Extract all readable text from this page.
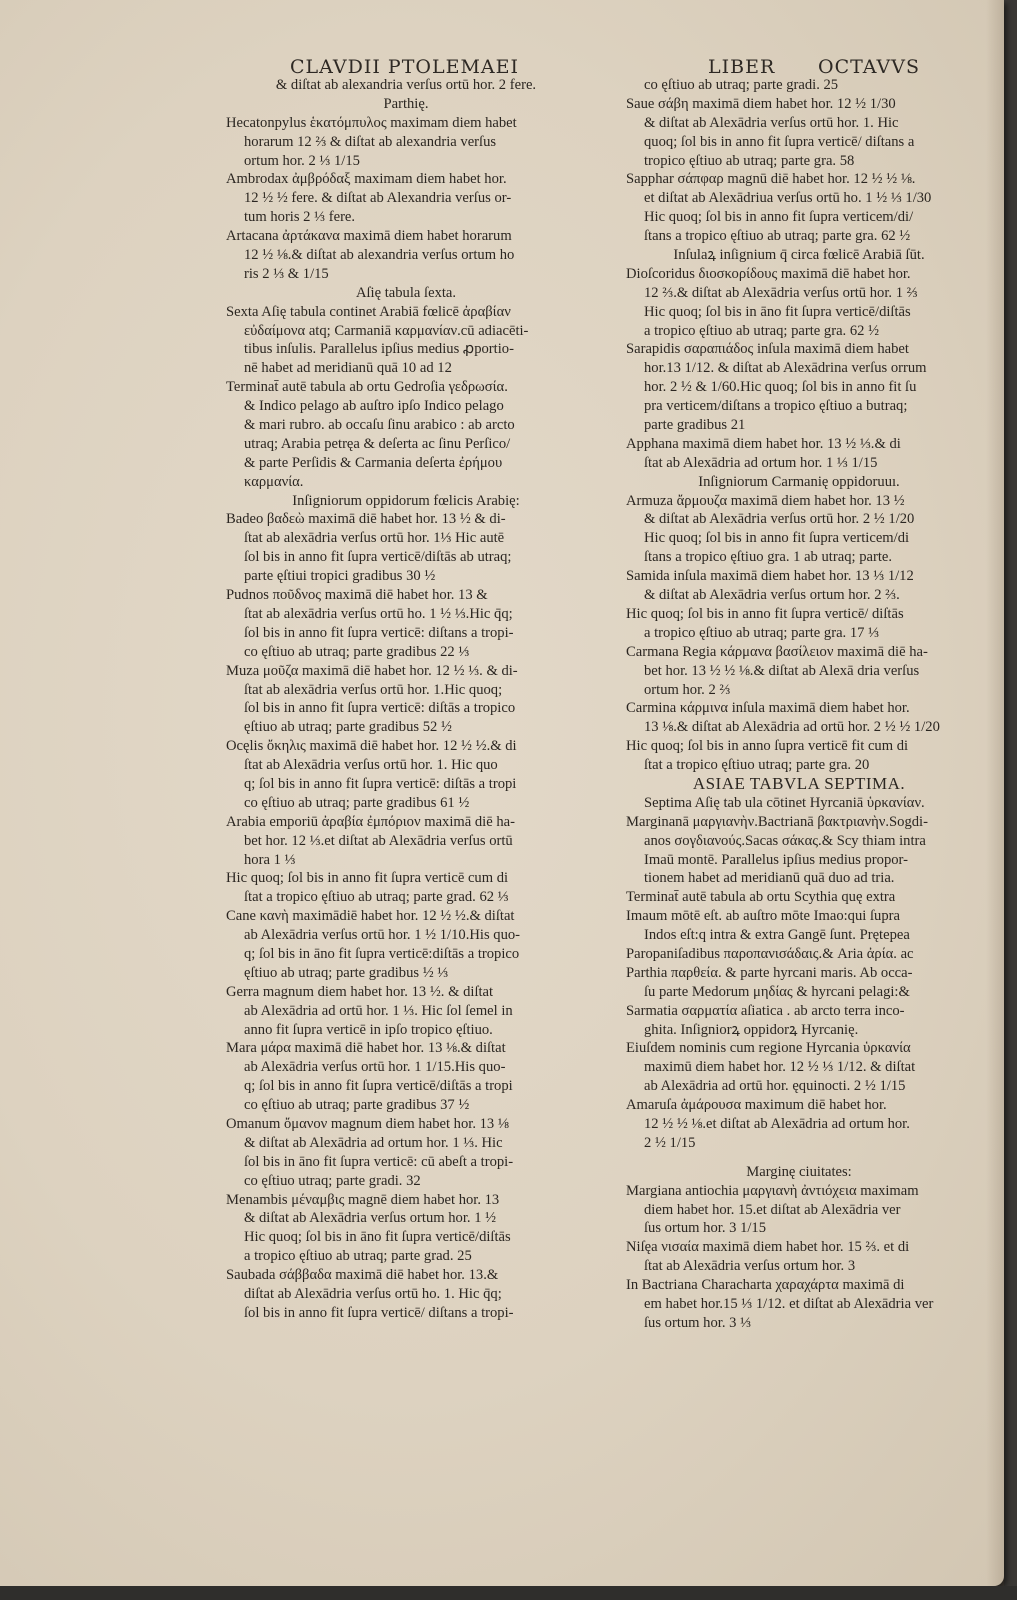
CLAVDII PTOLEMAEI	LIBER OCTAVVS
& diſtat ab alexandria verſus ortū hor. 2 fere.
Parthię.
Hecatonpylus ἑκατόμπυλος maximam diem habet
horarum 12 ⅔ & diſtat ab alexandria verſus
ortum hor. 2 ⅓ 1/15
Ambrodax ἀμβρόδαξ maximam diem habet hor.
12 ½ ½ fere. & diſtat ab Alexandria verſus or-
tum horis 2 ⅓ fere.
Artacana ἀρτάκανα maximā diem habet horarum
12 ½ ⅛.& diſtat ab alexandria verſus ortum ho
ris 2 ⅓ & 1/15
Aſię tabula ſexta.
Sexta Aſię tabula continet Arabiā fœlicē ἀραβίαν
εὐδαίμονα atq; Carmaniā καρμανίαν.cū adiacēti-
tibus inſulis. Parallelus ipſius medius ꝓportio-
nē habet ad meridianū quā 10 ad 12
Terminat̄ autē tabula ab ortu Gedroſia γεδρωσία.
& Indico pelago ab auſtro ipſo Indico pelago
& mari rubro. ab occaſu ſinu arabico : ab arcto
utraq; Arabia petręa & deſerta ac ſinu Perſico/
& parte Perſidis & Carmania deſerta ἐρήμου
καρμανία.
Inſigniorum oppidorum fœlicis Arabię:
Badeo βαδεὼ maximā diē habet hor. 13 ½ & di-
ſtat ab alexādria verſus ortū hor. 1⅓ Hic autē
ſol bis in anno fit ſupra verticē/diſtās ab utraq;
parte ęſtiui tropici gradibus 30 ½
Pudnos ποῦδνος maximā diē habet hor. 13 &
ſtat ab alexādria verſus ortū ho. 1 ½ ⅓.Hic q̄q;
ſol bis in anno fit ſupra verticē: diſtans a tropi-
co ęſtiuo ab utraq; parte gradibus 22 ⅓
Muza μοῦζα maximā diē habet hor. 12 ½ ⅓. & di-
ſtat ab alexādria verſus ortū hor. 1.Hic quoq;
ſol bis in anno fit ſupra verticē: diſtās a tropico
ęſtiuo ab utraq; parte gradibus 52 ½
Ocęlis ὄκηλις maximā diē habet hor. 12 ½ ½.& di
ſtat ab Alexādria verſus ortū hor. 1. Hic quo
q; ſol bis in anno fit ſupra verticē: diſtās a tropi
co ęſtiuo ab utraq; parte gradibus 61 ½
Arabia emporiū ἀραβία ἐμπόριον maximā diē ha-
bet hor. 12 ⅓.et diſtat ab Alexādria verſus ortū
hora 1 ⅓
Hic quoq; ſol bis in anno fit ſupra verticē cum di
ſtat a tropico ęſtiuo ab utraq; parte grad. 62 ⅓
Cane κανὴ maximādiē habet hor. 12 ½ ½.& diſtat
ab Alexādria verſus ortū hor. 1 ½ 1/10.His quo-
q; ſol bis in āno fit ſupra verticē:diſtās a tropico
ęſtiuo ab utraq; parte gradibus ½ ⅓
Gerra magnum diem habet hor. 13 ½. & diſtat
ab Alexādria ad ortū hor. 1 ⅓. Hic ſol ſemel in
anno fit ſupra verticē in ipſo tropico ęſtiuo.
Mara μάρα maximā diē habet hor. 13 ⅛.& diſtat
ab Alexādria verſus ortū hor. 1 1/15.His quo-
q; ſol bis in anno fit ſupra verticē/diſtās a tropi
co ęſtiuo ab utraq; parte gradibus 37 ½
Omanum ὄμανον magnum diem habet hor. 13 ⅛
& diſtat ab Alexādria ad ortum hor. 1 ⅓. Hic
ſol bis in āno fit ſupra verticē: cū abeſt a tropi-
co ęſtiuo utraq; parte gradi. 32
Menambis μέναμβις magnē diem habet hor. 13
& diſtat ab Alexādria verſus ortum hor. 1 ½
Hic quoq; ſol bis in āno fit ſupra verticē/diſtās
a tropico ęſtiuo ab utraq; parte grad. 25
Saubada σάββαδα maximā diē habet hor. 13.&
diſtat ab Alexādria verſus ortū ho. 1. Hic q̄q;
ſol bis in anno fit ſupra verticē/ diſtans a tropi-
co ęſtiuo ab utraq; parte gradi. 25
Saue σάβη maximā diem habet hor. 12 ½ 1/30
& diſtat ab Alexādria verſus ortū hor. 1. Hic
quoq; ſol bis in anno fit ſupra verticē/ diſtans a
tropico ęſtiuo ab utraq; parte gra. 58
Sapphar σάπφαρ magnū diē habet hor. 12 ½ ½ ⅛.
et diſtat ab Alexādriua verſus ortū ho. 1 ½ ⅓ 1/30
Hic quoq; ſol bis in anno fit ſupra verticem/di/
ſtans a tropico ęſtiuo ab utraq; parte gra. 62 ½
Inſulaꝝ inſignium q̄ circa fœlicē Arabiā ſūt.
Dioſcoridus διοσκορίδους maximā diē habet hor.
12 ⅔.& diſtat ab Alexādria verſus ortū hor. 1 ⅔
Hic quoq; ſol bis in āno fit ſupra verticē/diſtās
a tropico ęſtiuo ab utraq; parte gra. 62 ½
Sarapidis σαραπιάδος inſula maximā diem habet
hor.13 1/12. & diſtat ab Alexādrina verſus orrum
hor. 2 ½ & 1/60.Hic quoq; ſol bis in anno fit ſu
pra verticem/diſtans a tropico ęſtiuo a butraq;
parte gradibus 21
Apphana maximā diem habet hor. 13 ½ ⅓.& di
ſtat ab Alexādria ad ortum hor. 1 ⅓ 1/15
Inſigniorum Carmanię oppidoruuı.
Armuza ἄρμουζα maximā diem habet hor. 13 ½
& diſtat ab Alexādria verſus ortū hor. 2 ½ 1/20
Hic quoq; ſol bis in anno fit ſupra verticem/di
ſtans a tropico ęſtiuo gra. 1 ab utraq; parte.
Samida inſula maximā diem habet hor. 13 ⅓ 1/12
& diſtat ab Alexādria verſus ortum hor. 2 ⅔.
Hic quoq; ſol bis in anno fit ſupra verticē/ diſtās
a tropico ęſtiuo ab utraq; parte gra. 17 ⅓
Carmana Regia κάρμανα βασίλειον maximā diē ha-
bet hor. 13 ½ ½ ⅛.& diſtat ab Alexā dria verſus
ortum hor. 2 ⅔
Carmina κάρμινα inſula maximā diem habet hor.
13 ⅛.& diſtat ab Alexādria ad ortū hor. 2 ½ ½ 1/20
Hic quoq; ſol bis in anno ſupra verticē fit cum di
ſtat a tropico ęſtiuo utraq; parte gra. 20
ASIAE TABVLA SEPTIMA.
Septima Aſię tab ula cōtinet Hyrcaniā ὑρκανίαν.
Marginanā μαργιανὴν.Bactrianā βακτριανὴν.Sogdi-
anos σογδιανούς.Sacas σάκας.& Scy thiam intra
Imaū montē. Parallelus ipſius medius propor-
tionem habet ad meridianū quā duo ad tria.
Terminat̄ autē tabula ab ortu Scythia quę extra
Imaum mōtē eſt. ab auſtro mōte Imao:qui ſupra
Indos eſt:q intra & extra Gangē ſunt. Prętерea
Paropaniſadibus παροπανισάδαις.& Aria ἀρία. ac
Parthia παρθεία. & parte hyrcani maris. Ab occa-
ſu parte Medorum μηδίας & hyrcani pelagi:&
Sarmatia σαρματία aſiatica . ab arcto terra inco-
ghita. Inſigniorꝝ oppidorꝝ Hyrcanię.
Eiuſdem nominis cum regione Hyrcania ὑρκανία
maximū diem habet hor. 12 ½ ⅓ 1/12. & diſtat
ab Alexādria ad ortū hor. ęquinocti. 2 ½ 1/15
Amaruſa ἀμάρουσα maximum diē habet hor.
12 ½ ½ ⅛.et diſtat ab Alexādria ad ortum hor.
2 ½ 1/15
Marginę ciuitates:
Margiana antiochia μαργιανὴ ἀντιόχεια maximam
diem habet hor. 15.et diſtat ab Alexādria ver
ſus ortum hor. 3 1/15
Niſęa νισαία maximā diem habet hor. 15 ⅔. et di
ſtat ab Alexādria verſus ortum hor. 3
In Bactriana Characharta χαραχάρτα maximā di
em habet hor.15 ⅓ 1/12. et diſtat ab Alexādria ver
ſus ortum hor. 3 ⅓
